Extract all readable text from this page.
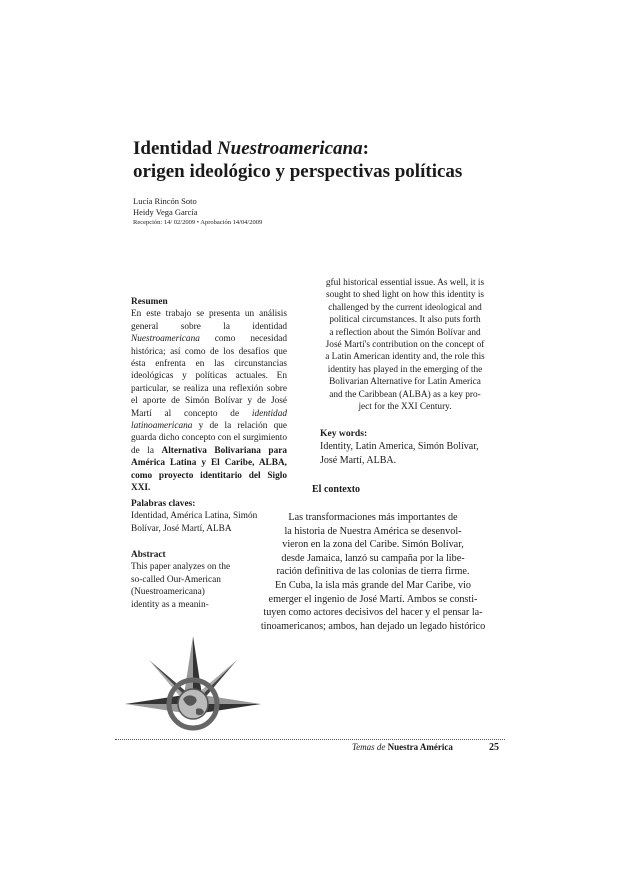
Identidad Nuestroamericana:
origen ideológico y perspectivas políticas
Lucía Rincón Soto
Heidy Vega García
Recepción: 14/ 02/2009 • Aprobación 14/04/2009
Resumen
En este trabajo se presenta un análisis general sobre la identidad Nuestroamericana como necesidad histórica; así como de los desafíos que ésta enfrenta en las circunstancias ideológicas y políticas actuales. En particular, se realiza una reflexión sobre el aporte de Simón Bolívar y de José Martí al concepto de identidad latinoamericana y de la relación que guarda dicho concepto con el surgimiento de la Alternativa Bolivariana para América Latina y El Caribe, ALBA, como proyecto identitario del Siglo XXI.
Palabras claves:
Identidad, América Latina, Simón Bolívar, José Martí, ALBA
Abstract
This paper analyzes on the
so-called Our-American
(Nuestroamericana)
identity as a meanin-
gful historical essential issue. As well, it is
sought to shed light on how this identity is
challenged by the current ideological and
political circumstances. It also puts forth
a reflection about the Simón Bolívar and
José Martí's contribution on the concept of
a Latin American identity and, the role this
identity has played in the emerging of the
Bolivarian Alternative for Latin America
and the Caribbean (ALBA) as a key pro-
ject for the XXI Century.
Key words:
Identity, Latin America, Simón Bolívar,
José Martí, ALBA.
El contexto
Las transformaciones más importantes de
la historia de Nuestra América se desenvol-
vieron en la zona del Caribe. Simón Bolívar,
desde Jamaica, lanzó su campaña por la libe-
ración definitiva de las colonias de tierra firme.
En Cuba, la isla más grande del Mar Caribe, vio
emerger el ingenio de José Martí. Ambos se consti-
tuyen como actores decisivos del hacer y el pensar la-
tinoamericanos; ambos, han dejado un legado histórico
Temas de Nuestra América	25
